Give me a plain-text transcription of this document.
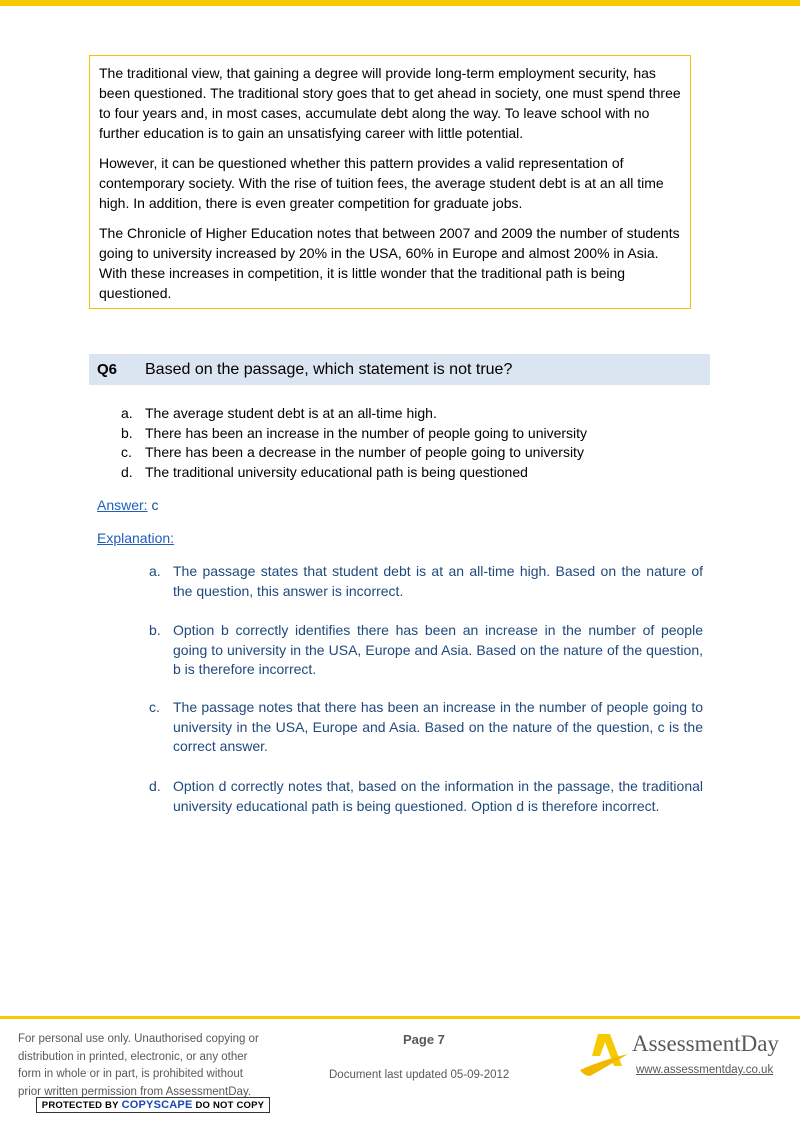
The traditional view, that gaining a degree will provide long-term employment security, has been questioned. The traditional story goes that to get ahead in society, one must spend three to four years and, in most cases, accumulate debt along the way. To leave school with no further education is to gain an unsatisfying career with little potential.

However, it can be questioned whether this pattern provides a valid representation of contemporary society. With the rise of tuition fees, the average student debt is at an all time high. In addition, there is even greater competition for graduate jobs.

The Chronicle of Higher Education notes that between 2007 and 2009 the number of students going to university increased by 20% in the USA, 60% in Europe and almost 200% in Asia. With these increases in competition, it is little wonder that the traditional path is being questioned.

Q6	Based on the passage, which statement is not true?
a. The average student debt is at an all-time high.
b. There has been an increase in the number of people going to university
c. There has been a decrease in the number of people going to university
d. The traditional university educational path is being questioned
Answer: c
Explanation:
a. The passage states that student debt is at an all-time high. Based on the nature of the question, this answer is incorrect.
b. Option b correctly identifies there has been an increase in the number of people going to university in the USA, Europe and Asia. Based on the nature of the question, b is therefore incorrect.
c. The passage notes that there has been an increase in the number of people going to university in the USA, Europe and Asia. Based on the nature of the question, c is the correct answer.
d. Option d correctly notes that, based on the information in the passage, the traditional university educational path is being questioned. Option d is therefore incorrect.
For personal use only. Unauthorised copying or
distribution in printed, electronic, or any other
form in whole or in part, is prohibited without
prior written permission from AssessmentDay.
PROTECTED BY COPYSCAPE DO NOT COPY
Page 7
Document last updated 05-09-2012
AssessmentDay
www.assessmentday.co.uk
